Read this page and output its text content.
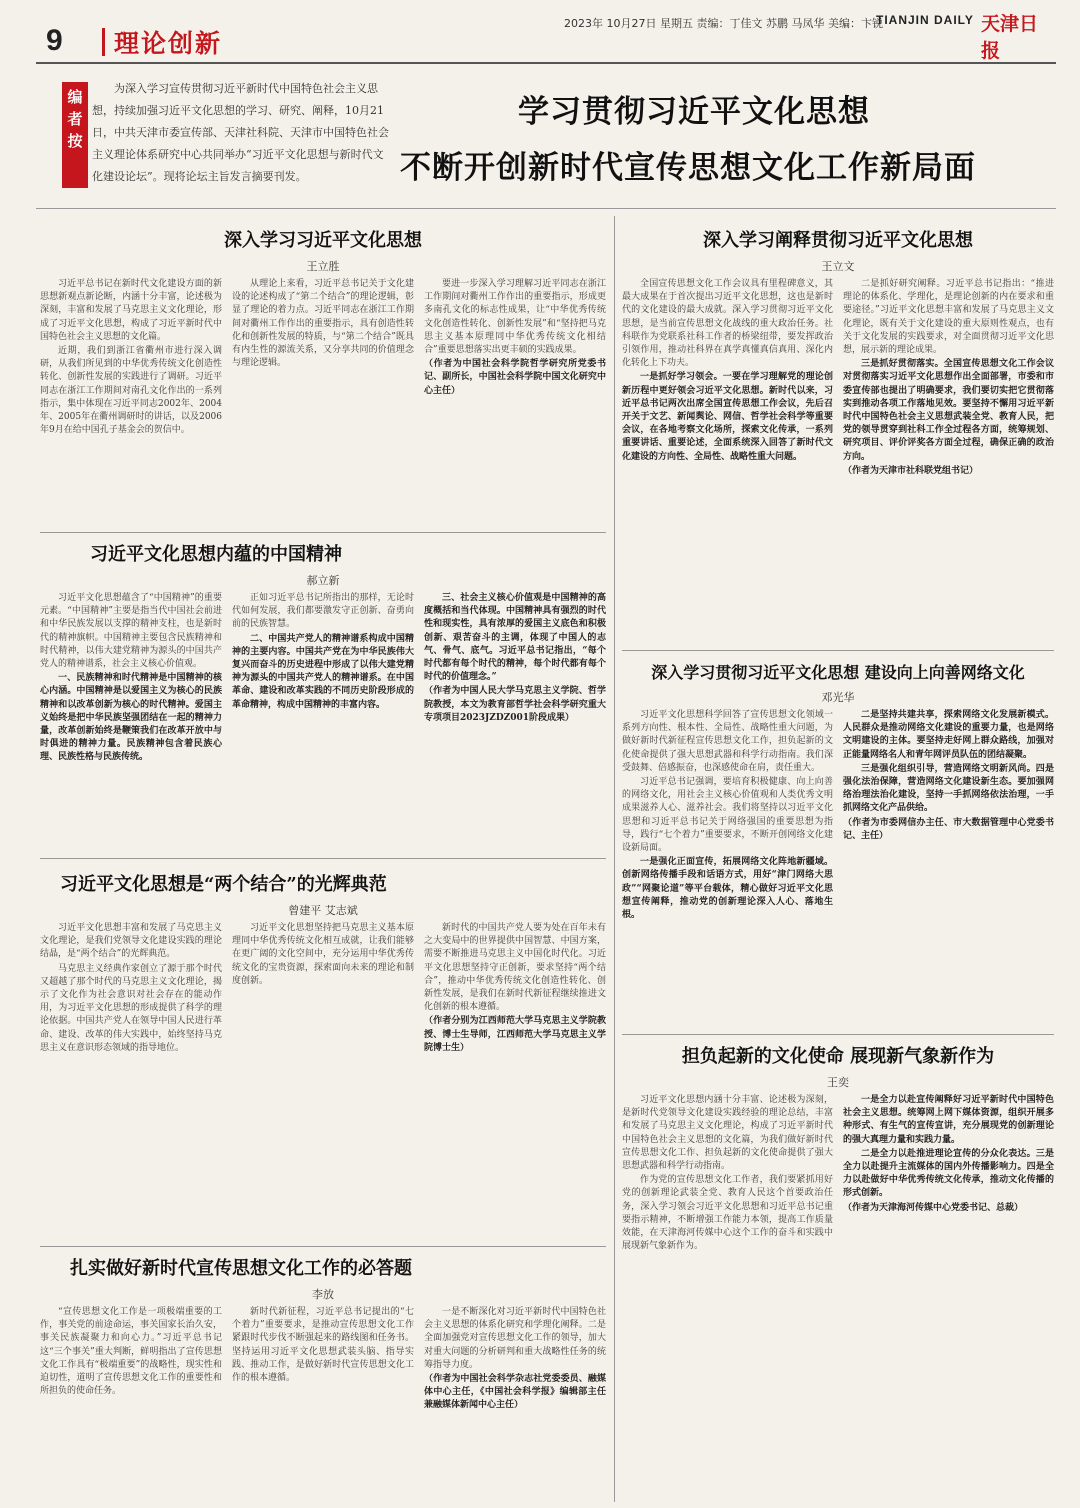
9 理论创新
2023年 10月27日 星期五 责编：丁佳文 苏鹏 马凤华 美编：卞锐
TIANJIN DAILY 天津日报
编者按
为深入学习宣传贯彻习近平新时代中国特色社会主义思想，持续加强习近平文化思想的学习、研究、阐释，10月21日，中共天津市委宣传部、天津社科院、天津市中国特色社会主义理论体系研究中心共同举办“习近平文化思想与新时代文化建设论坛”。现将论坛主旨发言摘要刊发。
学习贯彻习近平文化思想
不断开创新时代宣传思想文化工作新局面
深入学习习近平文化思想
王立胜

习近平总书记在新时代文化建设方面的新思想新观点新论断，内涵十分丰富，论述极为深刻，丰富和发展了马克思主义文化理论，形成了习近平文化思想，构成了习近平新时代中国特色社会主义思想的文化篇。

近期，我们到浙江省衢州市进行深入调研，从我们所见到的中华优秀传统文化创造性转化、创新性发展的实践进行了调研。习近平同志在浙江工作期间对南孔文化作出的一系列指示，集中体现在习近平同志2002年、2004年、2005年在衢州调研时的讲话，以及2006年9月在给中国孔子基金会的贺信中。

从理论上来看，习近平总书记关于文化建设的论述构成了“第二个结合”的理论逻辑，彰显了理论的着力点。习近平同志在浙江工作期间对衢州工作作出的重要指示，具有创造性转化和创新性发展的特质，与“第二个结合”既具有内生性的源流关系，又分享共同的价值理念与理论逻辑。

要进一步深入学习理解习近平同志在浙江工作期间对衢州工作作出的重要指示，形成更多南孔文化的标志性成果，让“中华优秀传统文化创造性转化、创新性发展”和“坚持把马克思主义基本原理同中华优秀传统文化相结合”重要思想落实出更丰硕的实践成果。

（作者为中国社会科学院哲学研究所党委书记、副所长，中国社会科学院中国文化研究中心主任）

深入学习阐释贯彻习近平文化思想
王立文

全国宣传思想文化工作会议具有里程碑意义，其最大成果在于首次提出习近平文化思想，这也是新时代的文化建设的最大成就。深入学习贯彻习近平文化思想，是当前宣传思想文化战线的重大政治任务。社科联作为党联系社科工作者的桥梁纽带，要发挥政治引领作用，推动社科界在真学真懂真信真用、深化内化转化上下功夫。

一是抓好学习领会。一要在学习理解党的理论创新历程中更好领会习近平文化思想。新时代以来，习近平总书记两次出席全国宣传思想工作会议，先后召开关于文艺、新闻舆论、网信、哲学社会科学等重要会议，在各地考察文化场所，探索文化传承，一系列重要讲话、重要论述，全面系统深入回答了新时代文化建设的方向性、全局性、战略性重大问题。

二是抓好研究阐释。习近平总书记指出：“推进理论的体系化、学理化，是理论创新的内在要求和重要途径。”习近平文化思想丰富和发展了马克思主义文化理论，既有关于文化建设的重大原则性观点，也有关于文化发展的实践要求，对全面贯彻习近平文化思想，展示新的理论成果。

三是抓好贯彻落实。全国宣传思想文化工作会议对贯彻落实习近平文化思想作出全面部署，市委和市委宣传部也提出了明确要求，我们要切实把它贯彻落实到推动各项工作落地见效。要坚持不懈用习近平新时代中国特色社会主义思想武装全党、教育人民，把党的领导贯穿到社科工作全过程各方面，统筹规划、研究项目、评价评奖各方面全过程，确保正确的政治方向。

（作者为天津市社科联党组书记）

习近平文化思想内蕴的中国精神
郝立新

习近平文化思想蕴含了“中国精神”的重要元素。“中国精神”主要是指当代中国社会前进和中华民族发展以支撑的精神支柱，也是新时代的精神旗帜。中国精神主要包含民族精神和时代精神，以伟大建党精神为源头的中国共产党人的精神谱系，社会主义核心价值观。

一、民族精神和时代精神是中国精神的核心内涵。中国精神是以爱国主义为核心的民族精神和以改革创新为核心的时代精神。爱国主义始终是把中华民族坚强团结在一起的精神力量，改革创新始终是鞭策我们在改革开放中与时俱进的精神力量。民族精神包含着民族心理、民族性格与民族传统。

正如习近平总书记所指出的那样，无论时代如何发展，我们都要激发守正创新、奋勇向前的民族智慧。

二、中国共产党人的精神谱系构成中国精神的主要内容。中国共产党在为中华民族伟大复兴而奋斗的历史进程中形成了以伟大建党精神为源头的中国共产党人的精神谱系。在中国革命、建设和改革实践的不同历史阶段形成的革命精神，构成中国精神的丰富内容。

三、社会主义核心价值观是中国精神的高度概括和当代体现。中国精神具有强烈的时代性和现实性，具有浓厚的爱国主义底色和积极创新、艰苦奋斗的主调，体现了中国人的志气、骨气、底气。习近平总书记指出，“每个时代都有每个时代的精神，每个时代都有每个时代的价值理念。”

（作者为中国人民大学马克思主义学院、哲学院教授，本文为教育部哲学社会科学研究重大专项项目2023JZDZ001阶段成果）

深入学习贯彻习近平文化思想 建设向上向善网络文化
邓光华

习近平文化思想科学回答了宣传思想文化领域一系列方向性、根本性、全局性、战略性重大问题，为做好新时代新征程宣传思想文化工作，担负起新的文化使命提供了强大思想武器和科学行动指南。我们深受鼓舞、倍感振奋，也深感使命在肩，责任重大。

习近平总书记强调，要培育积极健康、向上向善的网络文化，用社会主义核心价值观和人类优秀文明成果滋养人心、滋养社会。我们将坚持以习近平文化思想和习近平总书记关于网络强国的重要思想为指导，践行“七个着力”重要要求，不断开创网络文化建设新局面。

一是强化正面宣传，拓展网络文化阵地新疆域。创新网络传播手段和话语方式，用好“津门网络大思政”“网聚论道”等平台载体，精心做好习近平文化思想宣传阐释，推动党的创新理论深入人心、落地生根。

二是坚持共建共享，探索网络文化发展新模式。人民群众是推动网络文化建设的重要力量，也是网络文明建设的主体。要坚持走好网上群众路线，加强对正能量网络名人和青年网评员队伍的团结凝聚。

三是强化组织引导，营造网络文明新风尚。四是强化法治保障，营造网络文化建设新生态。要加强网络治理法治化建设，坚持一手抓网络依法治理，一手抓网络文化产品供给。

（作者为市委网信办主任、市大数据管理中心党委书记、主任）

习近平文化思想是“两个结合”的光辉典范
曾建平 艾志斌

习近平文化思想丰富和发展了马克思主义文化理论，是我们党领导文化建设实践的理论结晶，是“两个结合”的光辉典范。

马克思主义经典作家创立了源于那个时代又超越了那个时代的马克思主义文化理论，揭示了文化作为社会意识对社会存在的能动作用，为习近平文化思想的形成提供了科学的理论依据。中国共产党人在领导中国人民进行革命、建设、改革的伟大实践中，始终坚持马克思主义在意识形态领域的指导地位。

习近平文化思想坚持把马克思主义基本原理同中华优秀传统文化相互成就，让我们能够在更广阔的文化空间中，充分运用中华优秀传统文化的宝贵资源，探索面向未来的理论和制度创新。

新时代的中国共产党人要为处在百年未有之大变局中的世界提供中国智慧、中国方案，需要不断推进马克思主义中国化时代化。习近平文化思想坚持守正创新，要求坚持“两个结合”，推动中华优秀传统文化创造性转化、创新性发展，是我们在新时代新征程继续推进文化创新的根本遵循。

（作者分别为江西师范大学马克思主义学院教授、博士生导师，江西师范大学马克思主义学院博士生）	担负起新的文化使命 展现新气象新作为
王奕

习近平文化思想内涵十分丰富、论述极为深刻，是新时代党领导文化建设实践经验的理论总结，丰富和发展了马克思主义文化理论，构成了习近平新时代中国特色社会主义思想的文化篇，为我们做好新时代宣传思想文化工作、担负起新的文化使命提供了强大思想武器和科学行动指南。

作为党的宣传思想文化工作者，我们要紧抓用好党的创新理论武装全党、教育人民这个首要政治任务，深入学习领会习近平文化思想和习近平总书记重要指示精神，不断增强工作能力本领，提高工作质量效能，在天津海河传媒中心这个工作的奋斗和实践中展现新气象新作为。

一是全力以赴宣传阐释好习近平新时代中国特色社会主义思想。统筹网上网下媒体资源，组织开展多种形式、有生气的宣传宣讲，充分展现党的创新理论的强大真理力量和实践力量。

二是全力以赴推进理论宣传的分众化表达。三是全力以赴提升主流媒体的国内外传播影响力。四是全力以赴做好中华优秀传统文化传承，推动文化传播的形式创新。

（作者为天津海河传媒中心党委书记、总裁）

扎实做好新时代宣传思想文化工作的必答题
李放

“宣传思想文化工作是一项极端重要的工作，事关党的前途命运，事关国家长治久安，事关民族凝聚力和向心力。”习近平总书记这“三个事关”重大判断，鲜明指出了宣传思想文化工作具有“极端重要”的战略性，现实性和迫切性，道明了宣传思想文化工作的重要性和所担负的使命任务。

新时代新征程，习近平总书记提出的“七个着力”重要要求，是推动宣传思想文化工作紧跟时代步伐不断强起来的路线图和任务书。坚持运用习近平文化思想武装头脑、指导实践、推动工作，是做好新时代宣传思想文化工作的根本遵循。

一是不断深化对习近平新时代中国特色社会主义思想的体系化研究和学理化阐释。二是全面加强党对宣传思想文化工作的领导，加大对重大问题的分析研判和重大战略性任务的统筹指导力度。

（作者为中国社会科学杂志社党委委员、融媒体中心主任，《中国社会科学报》编辑部主任兼融媒体新闻中心主任）
